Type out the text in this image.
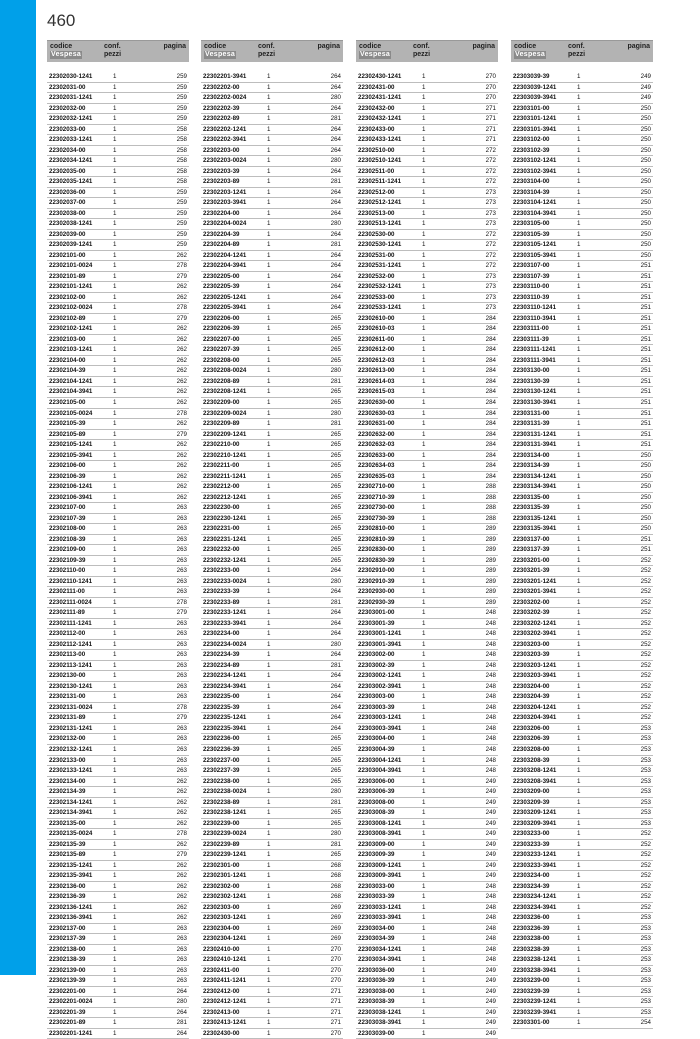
460
codice
Vespesa
conf.
pezzi
pagina
22302030-1241	1	259
22302031-00	1	259
22302031-1241	1	259
22302032-00	1	259
22302032-1241	1	259
22302033-00	1	258
22302033-1241	1	258
22302034-00	1	258
22302034-1241	1	258
22302035-00	1	258
22302035-1241	1	258
22302036-00	1	259
22302037-00	1	259
22302038-00	1	259
22302038-1241	1	259
22302039-00	1	259
22302039-1241	1	259
22302101-00	1	262
22302101-0024	1	278
22302101-89	1	279
22302101-1241	1	262
22302102-00	1	262
22302102-0024	1	278
22302102-89	1	279
22302102-1241	1	262
22302103-00	1	262
22302103-1241	1	262
22302104-00	1	262
22302104-39	1	262
22302104-1241	1	262
22302104-3941	1	262
22302105-00	1	262
22302105-0024	1	278
22302105-39	1	262
22302105-89	1	279
22302105-1241	1	262
22302105-3941	1	262
22302106-00	1	262
22302106-39	1	262
22302106-1241	1	262
22302106-3941	1	262
22302107-00	1	263
22302107-39	1	263
22302108-00	1	263
22302108-39	1	263
22302109-00	1	263
22302109-39	1	263
22302110-00	1	263
22302110-1241	1	263
22302111-00	1	263
22302111-0024	1	278
22302111-89	1	279
22302111-1241	1	263
22302112-00	1	263
22302112-1241	1	263
22302113-00	1	263
22302113-1241	1	263
22302130-00	1	263
22302130-1241	1	263
22302131-00	1	263
22302131-0024	1	278
22302131-89	1	279
22302131-1241	1	263
22302132-00	1	263
22302132-1241	1	263
22302133-00	1	263
22302133-1241	1	263
22302134-00	1	262
22302134-39	1	262
22302134-1241	1	262
22302134-3941	1	262
22302135-00	1	262
22302135-0024	1	278
22302135-39	1	262
22302135-89	1	279
22302135-1241	1	262
22302135-3941	1	262
22302136-00	1	262
22302136-39	1	262
22302136-1241	1	262
22302136-3941	1	262
22302137-00	1	263
22302137-39	1	263
22302138-00	1	263
22302138-39	1	263
22302139-00	1	263
22302139-39	1	263
22302201-00	1	264
22302201-0024	1	280
22302201-39	1	264
22302201-89	1	281
22302201-1241	1	264
codice
Vespesa
conf.
pezzi
pagina
22302201-3941	1	264
22302202-00	1	264
22302202-0024	1	280
22302202-39	1	264
22302202-89	1	281
22302202-1241	1	264
22302202-3941	1	264
22302203-00	1	264
22302203-0024	1	280
22302203-39	1	264
22302203-89	1	281
22302203-1241	1	264
22302203-3941	1	264
22302204-00	1	264
22302204-0024	1	280
22302204-39	1	264
22302204-89	1	281
22302204-1241	1	264
22302204-3941	1	264
22302205-00	1	264
22302205-39	1	264
22302205-1241	1	264
22302205-3941	1	264
22302206-00	1	265
22302206-39	1	265
22302207-00	1	265
22302207-39	1	265
22302208-00	1	265
22302208-0024	1	280
22302208-89	1	281
22302208-1241	1	265
22302209-00	1	265
22302209-0024	1	280
22302209-89	1	281
22302209-1241	1	265
22302210-00	1	265
22302210-1241	1	265
22302211-00	1	265
22302211-1241	1	265
22302212-00	1	265
22302212-1241	1	265
22302230-00	1	265
22302230-1241	1	265
22302231-00	1	265
22302231-1241	1	265
22302232-00	1	265
22302232-1241	1	265
22302233-00	1	264
22302233-0024	1	280
22302233-39	1	264
22302233-89	1	281
22302233-1241	1	264
22302233-3941	1	264
22302234-00	1	264
22302234-0024	1	280
22302234-39	1	264
22302234-89	1	281
22302234-1241	1	264
22302234-3941	1	264
22302235-00	1	264
22302235-39	1	264
22302235-1241	1	264
22302235-3941	1	264
22302236-00	1	265
22302236-39	1	265
22302237-00	1	265
22302237-39	1	265
22302238-00	1	265
22302238-0024	1	280
22302238-89	1	281
22302238-1241	1	265
22302239-00	1	265
22302239-0024	1	280
22302239-89	1	281
22302239-1241	1	265
22302301-00	1	268
22302301-1241	1	268
22302302-00	1	268
22302302-1241	1	268
22302303-00	1	269
22302303-1241	1	269
22302304-00	1	269
22302304-1241	1	269
22302410-00	1	270
22302410-1241	1	270
22302411-00	1	270
22302411-1241	1	270
22302412-00	1	271
22302412-1241	1	271
22302413-00	1	271
22302413-1241	1	271
22302430-00	1	270
codice
Vespesa
conf.
pezzi
pagina
22302430-1241	1	270
22302431-00	1	270
22302431-1241	1	270
22302432-00	1	271
22302432-1241	1	271
22302433-00	1	271
22302433-1241	1	271
22302510-00	1	272
22302510-1241	1	272
22302511-00	1	272
22302511-1241	1	272
22302512-00	1	273
22302512-1241	1	273
22302513-00	1	273
22302513-1241	1	273
22302530-00	1	272
22302530-1241	1	272
22302531-00	1	272
22302531-1241	1	272
22302532-00	1	273
22302532-1241	1	273
22302533-00	1	273
22302533-1241	1	273
22302610-00	1	284
22302610-03	1	284
22302611-00	1	284
22302612-00	1	284
22302612-03	1	284
22302613-00	1	284
22302614-03	1	284
22302615-03	1	284
22302630-00	1	284
22302630-03	1	284
22302631-00	1	284
22302632-00	1	284
22302632-03	1	284
22302633-00	1	284
22302634-03	1	284
22302635-03	1	284
22302710-00	1	288
22302710-39	1	288
22302730-00	1	288
22302730-39	1	288
22302810-00	1	289
22302810-39	1	289
22302830-00	1	289
22302830-39	1	289
22302910-00	1	289
22302910-39	1	289
22302930-00	1	289
22302930-39	1	289
22303001-00	1	248
22303001-39	1	248
22303001-1241	1	248
22303001-3941	1	248
22303002-00	1	248
22303002-39	1	248
22303002-1241	1	248
22303002-3941	1	248
22303003-00	1	248
22303003-39	1	248
22303003-1241	1	248
22303003-3941	1	248
22303004-00	1	248
22303004-39	1	248
22303004-1241	1	248
22303004-3941	1	248
22303006-00	1	249
22303006-39	1	249
22303008-00	1	249
22303008-39	1	249
22303008-1241	1	249
22303008-3941	1	249
22303009-00	1	249
22303009-39	1	249
22303009-1241	1	249
22303009-3941	1	249
22303033-00	1	248
22303033-39	1	248
22303033-1241	1	248
22303033-3941	1	248
22303034-00	1	248
22303034-39	1	248
22303034-1241	1	248
22303034-3941	1	248
22303036-00	1	249
22303036-39	1	249
22303038-00	1	249
22303038-39	1	249
22303038-1241	1	249
22303038-3941	1	249
22303039-00	1	249
codice
Vespesa
conf.
pezzi
pagina
22303039-39	1	249
22303039-1241	1	249
22303039-3941	1	249
22303101-00	1	250
22303101-1241	1	250
22303101-3941	1	250
22303102-00	1	250
22303102-39	1	250
22303102-1241	1	250
22303102-3941	1	250
22303104-00	1	250
22303104-39	1	250
22303104-1241	1	250
22303104-3941	1	250
22303105-00	1	250
22303105-39	1	250
22303105-1241	1	250
22303105-3941	1	250
22303107-00	1	251
22303107-39	1	251
22303110-00	1	251
22303110-39	1	251
22303110-1241	1	251
22303110-3941	1	251
22303111-00	1	251
22303111-39	1	251
22303111-1241	1	251
22303111-3941	1	251
22303130-00	1	251
22303130-39	1	251
22303130-1241	1	251
22303130-3941	1	251
22303131-00	1	251
22303131-39	1	251
22303131-1241	1	251
22303131-3941	1	251
22303134-00	1	250
22303134-39	1	250
22303134-1241	1	250
22303134-3941	1	250
22303135-00	1	250
22303135-39	1	250
22303135-1241	1	250
22303135-3941	1	250
22303137-00	1	251
22303137-39	1	251
22303201-00	1	252
22303201-39	1	252
22303201-1241	1	252
22303201-3941	1	252
22303202-00	1	252
22303202-39	1	252
22303202-1241	1	252
22303202-3941	1	252
22303203-00	1	252
22303203-39	1	252
22303203-1241	1	252
22303203-3941	1	252
22303204-00	1	252
22303204-39	1	252
22303204-1241	1	252
22303204-3941	1	252
22303206-00	1	253
22303206-39	1	253
22303208-00	1	253
22303208-39	1	253
22303208-1241	1	253
22303208-3941	1	253
22303209-00	1	253
22303209-39	1	253
22303209-1241	1	253
22303209-3941	1	253
22303233-00	1	252
22303233-39	1	252
22303233-1241	1	252
22303233-3941	1	252
22303234-00	1	252
22303234-39	1	252
22303234-1241	1	252
22303234-3941	1	252
22303236-00	1	253
22303236-39	1	253
22303238-00	1	253
22303238-39	1	253
22303238-1241	1	253
22303238-3941	1	253
22303239-00	1	253
22303239-39	1	253
22303239-1241	1	253
22303239-3941	1	253
22303301-00	1	254
